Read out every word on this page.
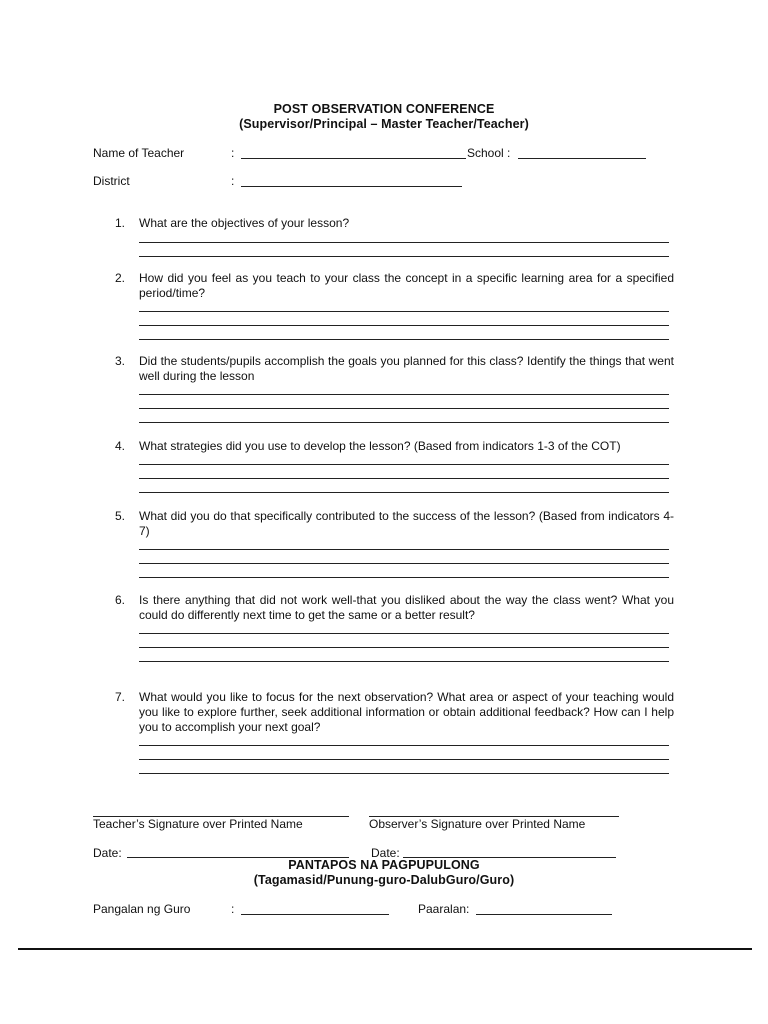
POST OBSERVATION CONFERENCE
(Supervisor/Principal – Master Teacher/Teacher)
Name of Teacher	:	School :
District	:
1.	What are the objectives of your lesson?
2.	How did you feel as you teach to your class the concept in a specific learning area for a specified period/time?
3.	Did the students/pupils accomplish the goals you planned for this class? Identify the things that went well during the lesson
4.	What strategies did you use to develop the lesson? (Based from indicators 1-3 of the COT)
5.	What did you do that specifically contributed to the success of the lesson? (Based from indicators 4-7)
6.	Is there anything that did not work well-that you disliked about the way the class went? What you could do differently next time to get the same or a better result?
7.	What would you like to focus for the next observation? What area or aspect of your teaching would you like to explore further, seek additional information or obtain additional feedback? How can I help you to accomplish your next goal?
Teacher’s Signature over Printed Name	Observer’s Signature over Printed Name
Date:	Date:
PANTAPOS NA PAGPUPULONG
(Tagamasid/Punung-guro-DalubGuro/Guro)
Pangalan ng Guro	:	Paaralan:
